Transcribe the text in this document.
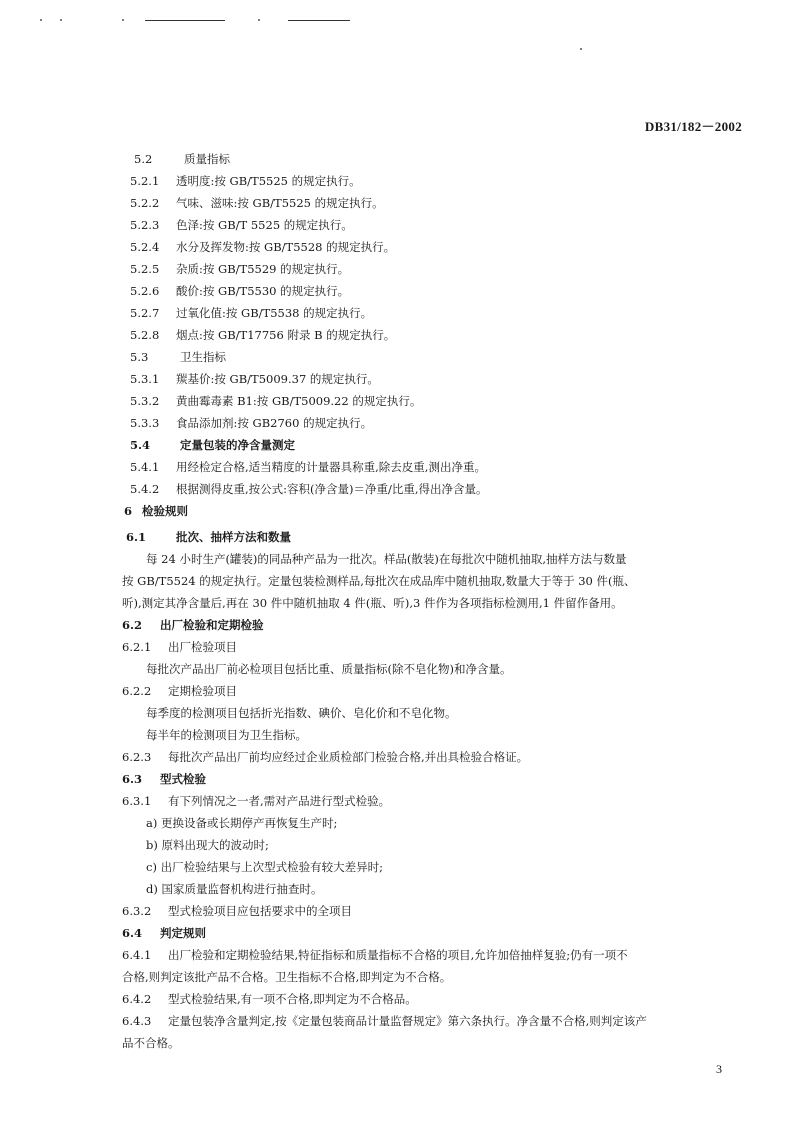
DB31/182－2002
5.2	质量指标
5.2.1 透明度:按 GB/T5525 的规定执行。
5.2.2 气味、滋味:按 GB/T5525 的规定执行。
5.2.3 色泽:按 GB/T 5525 的规定执行。
5.2.4 水分及挥发物:按 GB/T5528 的规定执行。
5.2.5 杂质:按 GB/T5529 的规定执行。
5.2.6 酸价:按 GB/T5530 的规定执行。
5.2.7 过氧化值:按 GB/T5538 的规定执行。
5.2.8 烟点:按 GB/T17756 附录 B 的规定执行。
5.3	卫生指标
5.3.1 羰基价:按 GB/T5009.37 的规定执行。
5.3.2 黄曲霉毒素 B1:按 GB/T5009.22 的规定执行。
5.3.3 食品添加剂:按 GB2760 的规定执行。
5.4	定量包装的净含量测定
5.4.1 用经检定合格,适当精度的计量器具称重,除去皮重,测出净重。
5.4.2 根据测得皮重,按公式:容积(净含量)＝净重/比重,得出净含量。
6 检验规则
6.1	批次、抽样方法和数量
每 24 小时生产(罐装)的同品种产品为一批次。样品(散装)在每批次中随机抽取,抽样方法与数量
按 GB/T5524 的规定执行。定量包装检测样品,每批次在成品库中随机抽取,数量大于等于 30 件(瓶、
听),测定其净含量后,再在 30 件中随机抽取 4 件(瓶、听),3 件作为各项指标检测用,1 件留作备用。
6.2 出厂检验和定期检验
6.2.1 出厂检验项目
每批次产品出厂前必检项目包括比重、质量指标(除不皂化物)和净含量。
6.2.2 定期检验项目
每季度的检测项目包括折光指数、碘价、皂化价和不皂化物。
每半年的检测项目为卫生指标。
6.2.3 每批次产品出厂前均应经过企业质检部门检验合格,并出具检验合格证。
6.3 型式检验
6.3.1 有下列情况之一者,需对产品进行型式检验。
a) 更换设备或长期停产再恢复生产时;
b) 原料出现大的波动时;
c) 出厂检验结果与上次型式检验有较大差异时;
d) 国家质量监督机构进行抽查时。
6.3.2 型式检验项目应包括要求中的全项目
6.4 判定规则
6.4.1 出厂检验和定期检验结果,特征指标和质量指标不合格的项目,允许加倍抽样复验;仍有一项不
合格,则判定该批产品不合格。卫生指标不合格,即判定为不合格。
6.4.2 型式检验结果,有一项不合格,即判定为不合格品。
6.4.3 定量包装净含量判定,按《定量包装商品计量监督规定》第六条执行。净含量不合格,则判定该产
品不合格。
3
